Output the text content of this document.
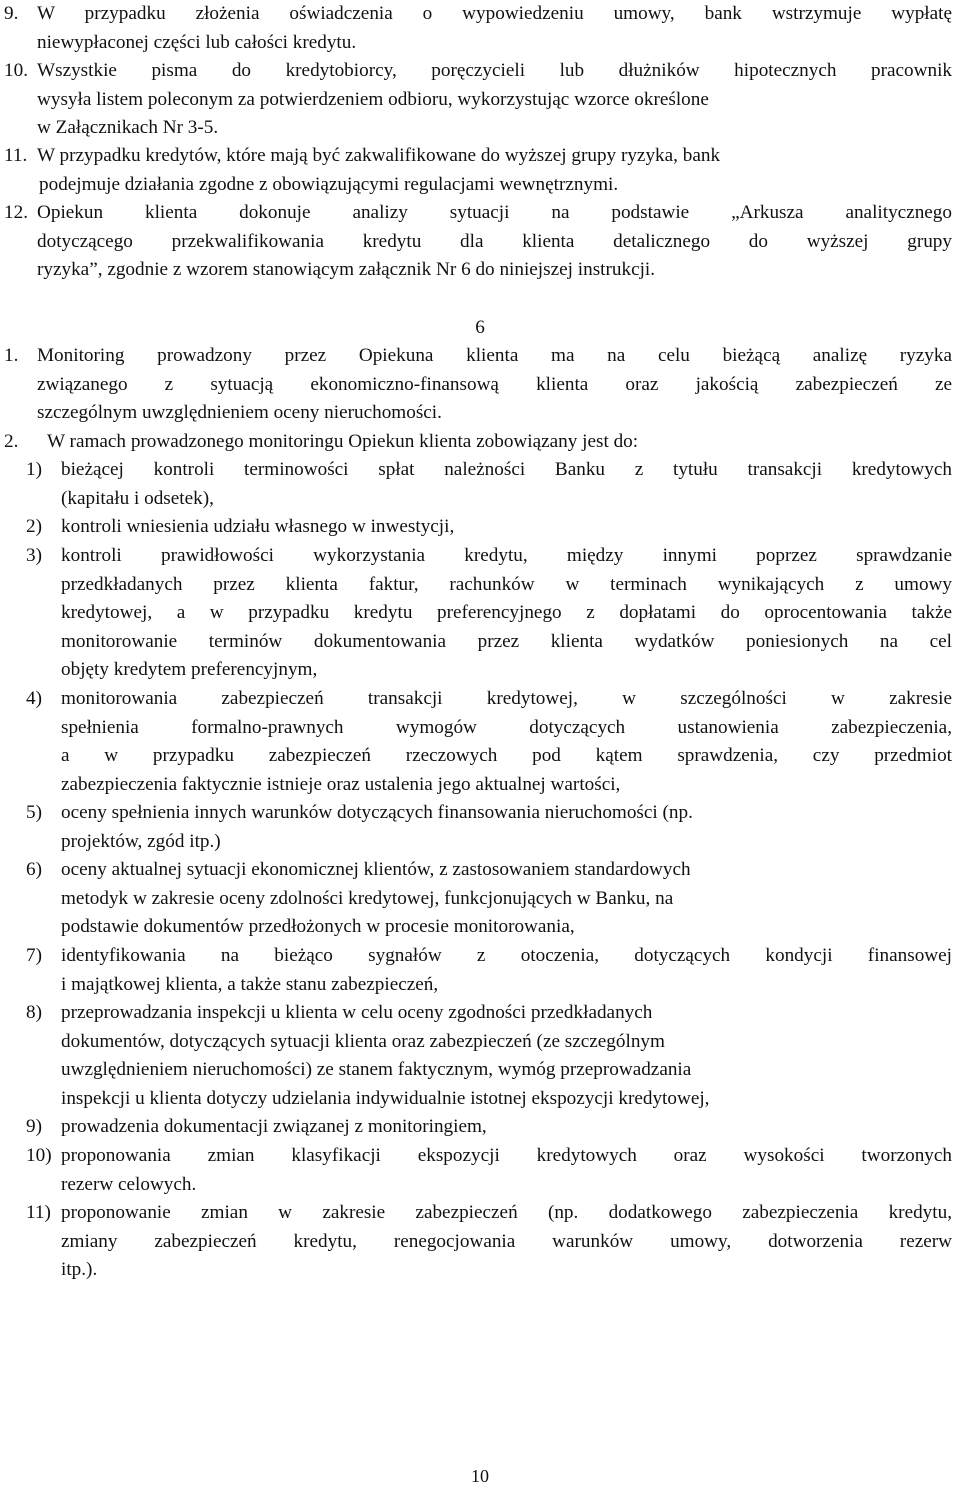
9. W przypadku złożenia oświadczenia o wypowiedzeniu umowy, bank wstrzymuje wypłatę
niewypłaconej części lub całości kredytu.
10. Wszystkie pisma do kredytobiorcy, poręczycieli lub dłużników hipotecznych pracownik
wysyła listem poleconym za potwierdzeniem odbioru, wykorzystując wzorce określone
w Załącznikach Nr 3-5.
11. W przypadku kredytów, które mają być zakwalifikowane do wyższej grupy ryzyka, bank
podejmuje działania zgodne z obowiązującymi regulacjami wewnętrznymi.
12. Opiekun klienta dokonuje analizy sytuacji na podstawie „Arkusza analitycznego
dotyczącego przekwalifikowania kredytu dla klienta detalicznego do wyższej grupy
ryzyka”, zgodnie z wzorem stanowiącym załącznik Nr 6 do niniejszej instrukcji.
6
1. Monitoring prowadzony przez Opiekuna klienta ma na celu bieżącą analizę ryzyka
związanego z sytuacją ekonomiczno-finansową klienta oraz jakością zabezpieczeń ze
szczególnym uwzględnieniem oceny nieruchomości.
2. W ramach prowadzonego monitoringu Opiekun klienta zobowiązany jest do:
1) bieżącej kontroli terminowości spłat należności Banku z tytułu transakcji kredytowych
(kapitału i odsetek),
2) kontroli wniesienia udziału własnego w inwestycji,
3) kontroli prawidłowości wykorzystania kredytu, między innymi poprzez sprawdzanie
przedkładanych przez klienta faktur, rachunków w terminach wynikających z umowy
kredytowej, a w przypadku kredytu preferencyjnego z dopłatami do oprocentowania także
monitorowanie terminów dokumentowania przez klienta wydatków poniesionych na cel
objęty kredytem preferencyjnym,
4) monitorowania zabezpieczeń transakcji kredytowej, w szczególności w zakresie
spełnienia formalno-prawnych wymogów dotyczących ustanowienia zabezpieczenia,
a w przypadku zabezpieczeń rzeczowych pod kątem sprawdzenia, czy przedmiot
zabezpieczenia faktycznie istnieje oraz ustalenia jego aktualnej wartości,
5) oceny spełnienia innych warunków dotyczących finansowania nieruchomości (np.
projektów, zgód itp.)
6) oceny aktualnej sytuacji ekonomicznej klientów, z zastosowaniem standardowych
metodyk w zakresie oceny zdolności kredytowej, funkcjonujących w Banku, na
podstawie dokumentów przedłożonych w procesie monitorowania,
7) identyfikowania na bieżąco sygnałów z otoczenia, dotyczących kondycji finansowej
i majątkowej klienta, a także stanu zabezpieczeń,
8) przeprowadzania inspekcji u klienta w celu oceny zgodności przedkładanych
dokumentów, dotyczących sytuacji klienta oraz zabezpieczeń (ze szczególnym
uwzględnieniem nieruchomości) ze stanem faktycznym, wymóg przeprowadzania
inspekcji u klienta dotyczy udzielania indywidualnie istotnej ekspozycji kredytowej,
9) prowadzenia dokumentacji związanej z monitoringiem,
10) proponowania zmian klasyfikacji ekspozycji kredytowych oraz wysokości tworzonych
rezerw celowych.
11) proponowanie zmian w zakresie zabezpieczeń (np. dodatkowego zabezpieczenia kredytu,
zmiany zabezpieczeń kredytu, renegocjowania warunków umowy, dotworzenia rezerw
itp.).
10
